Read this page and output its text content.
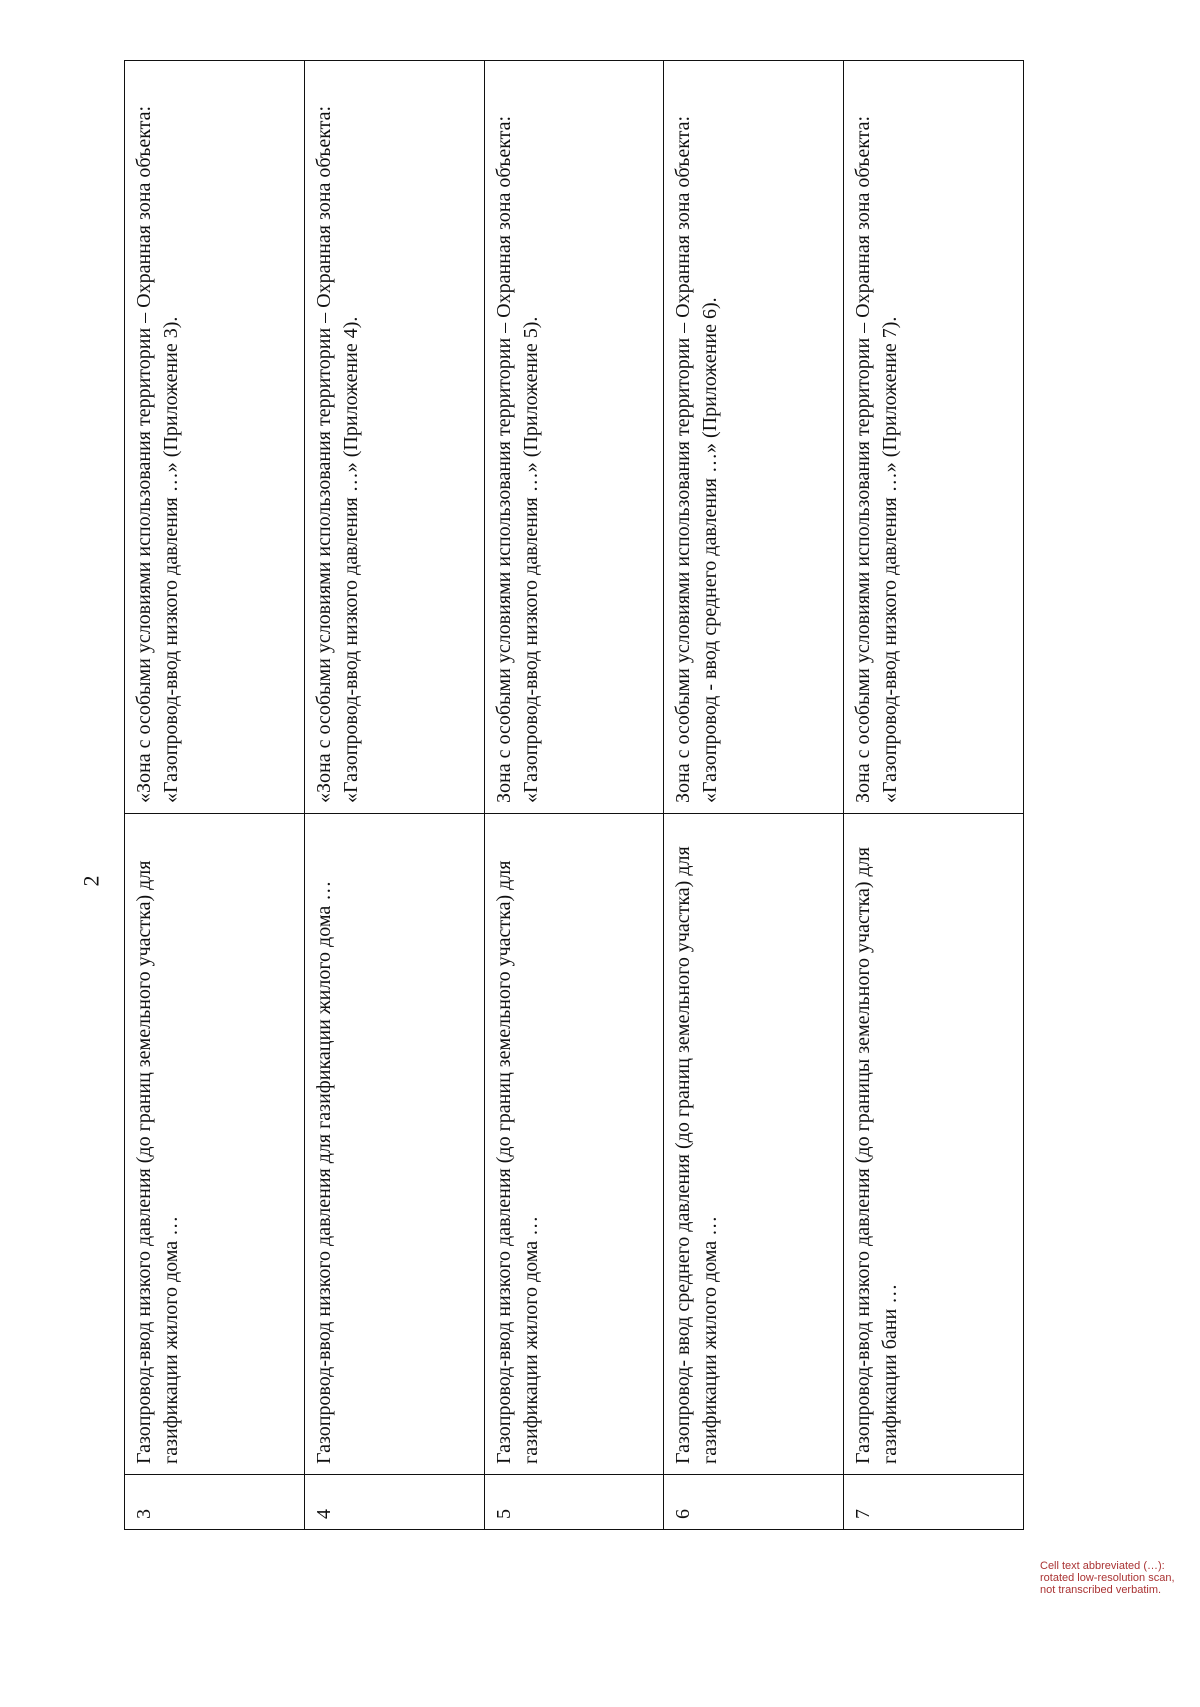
2
3	Газопровод-ввод низкого давления (до границ земельного участка) для газификации жилого дома …	«Зона с особыми условиями использования территории – Охранная зона объекта: «Газопровод-ввод низкого давления …» (Приложение 3).
4	Газопровод-ввод низкого давления для газификации жилого дома …	«Зона с особыми условиями использования территории – Охранная зона объекта: «Газопровод-ввод низкого давления …» (Приложение 4).
5	Газопровод-ввод низкого давления (до границ земельного участка) для газификации жилого дома …	Зона с особыми условиями использования территории – Охранная зона объекта: «Газопровод-ввод низкого давления …» (Приложение 5).
6	Газопровод- ввод среднего давления (до границ земельного участка) для газификации жилого дома …	Зона с особыми условиями использования территории – Охранная зона объекта: «Газопровод - ввод среднего давления …» (Приложение 6).
7	Газопровод-ввод низкого давления (до границы земельного участка) для газификации бани …	Зона с особыми условиями использования территории – Охранная зона объекта: «Газопровод-ввод низкого давления …» (Приложение 7).
Cell text abbreviated (…): rotated low-resolution scan, not transcribed verbatim.
